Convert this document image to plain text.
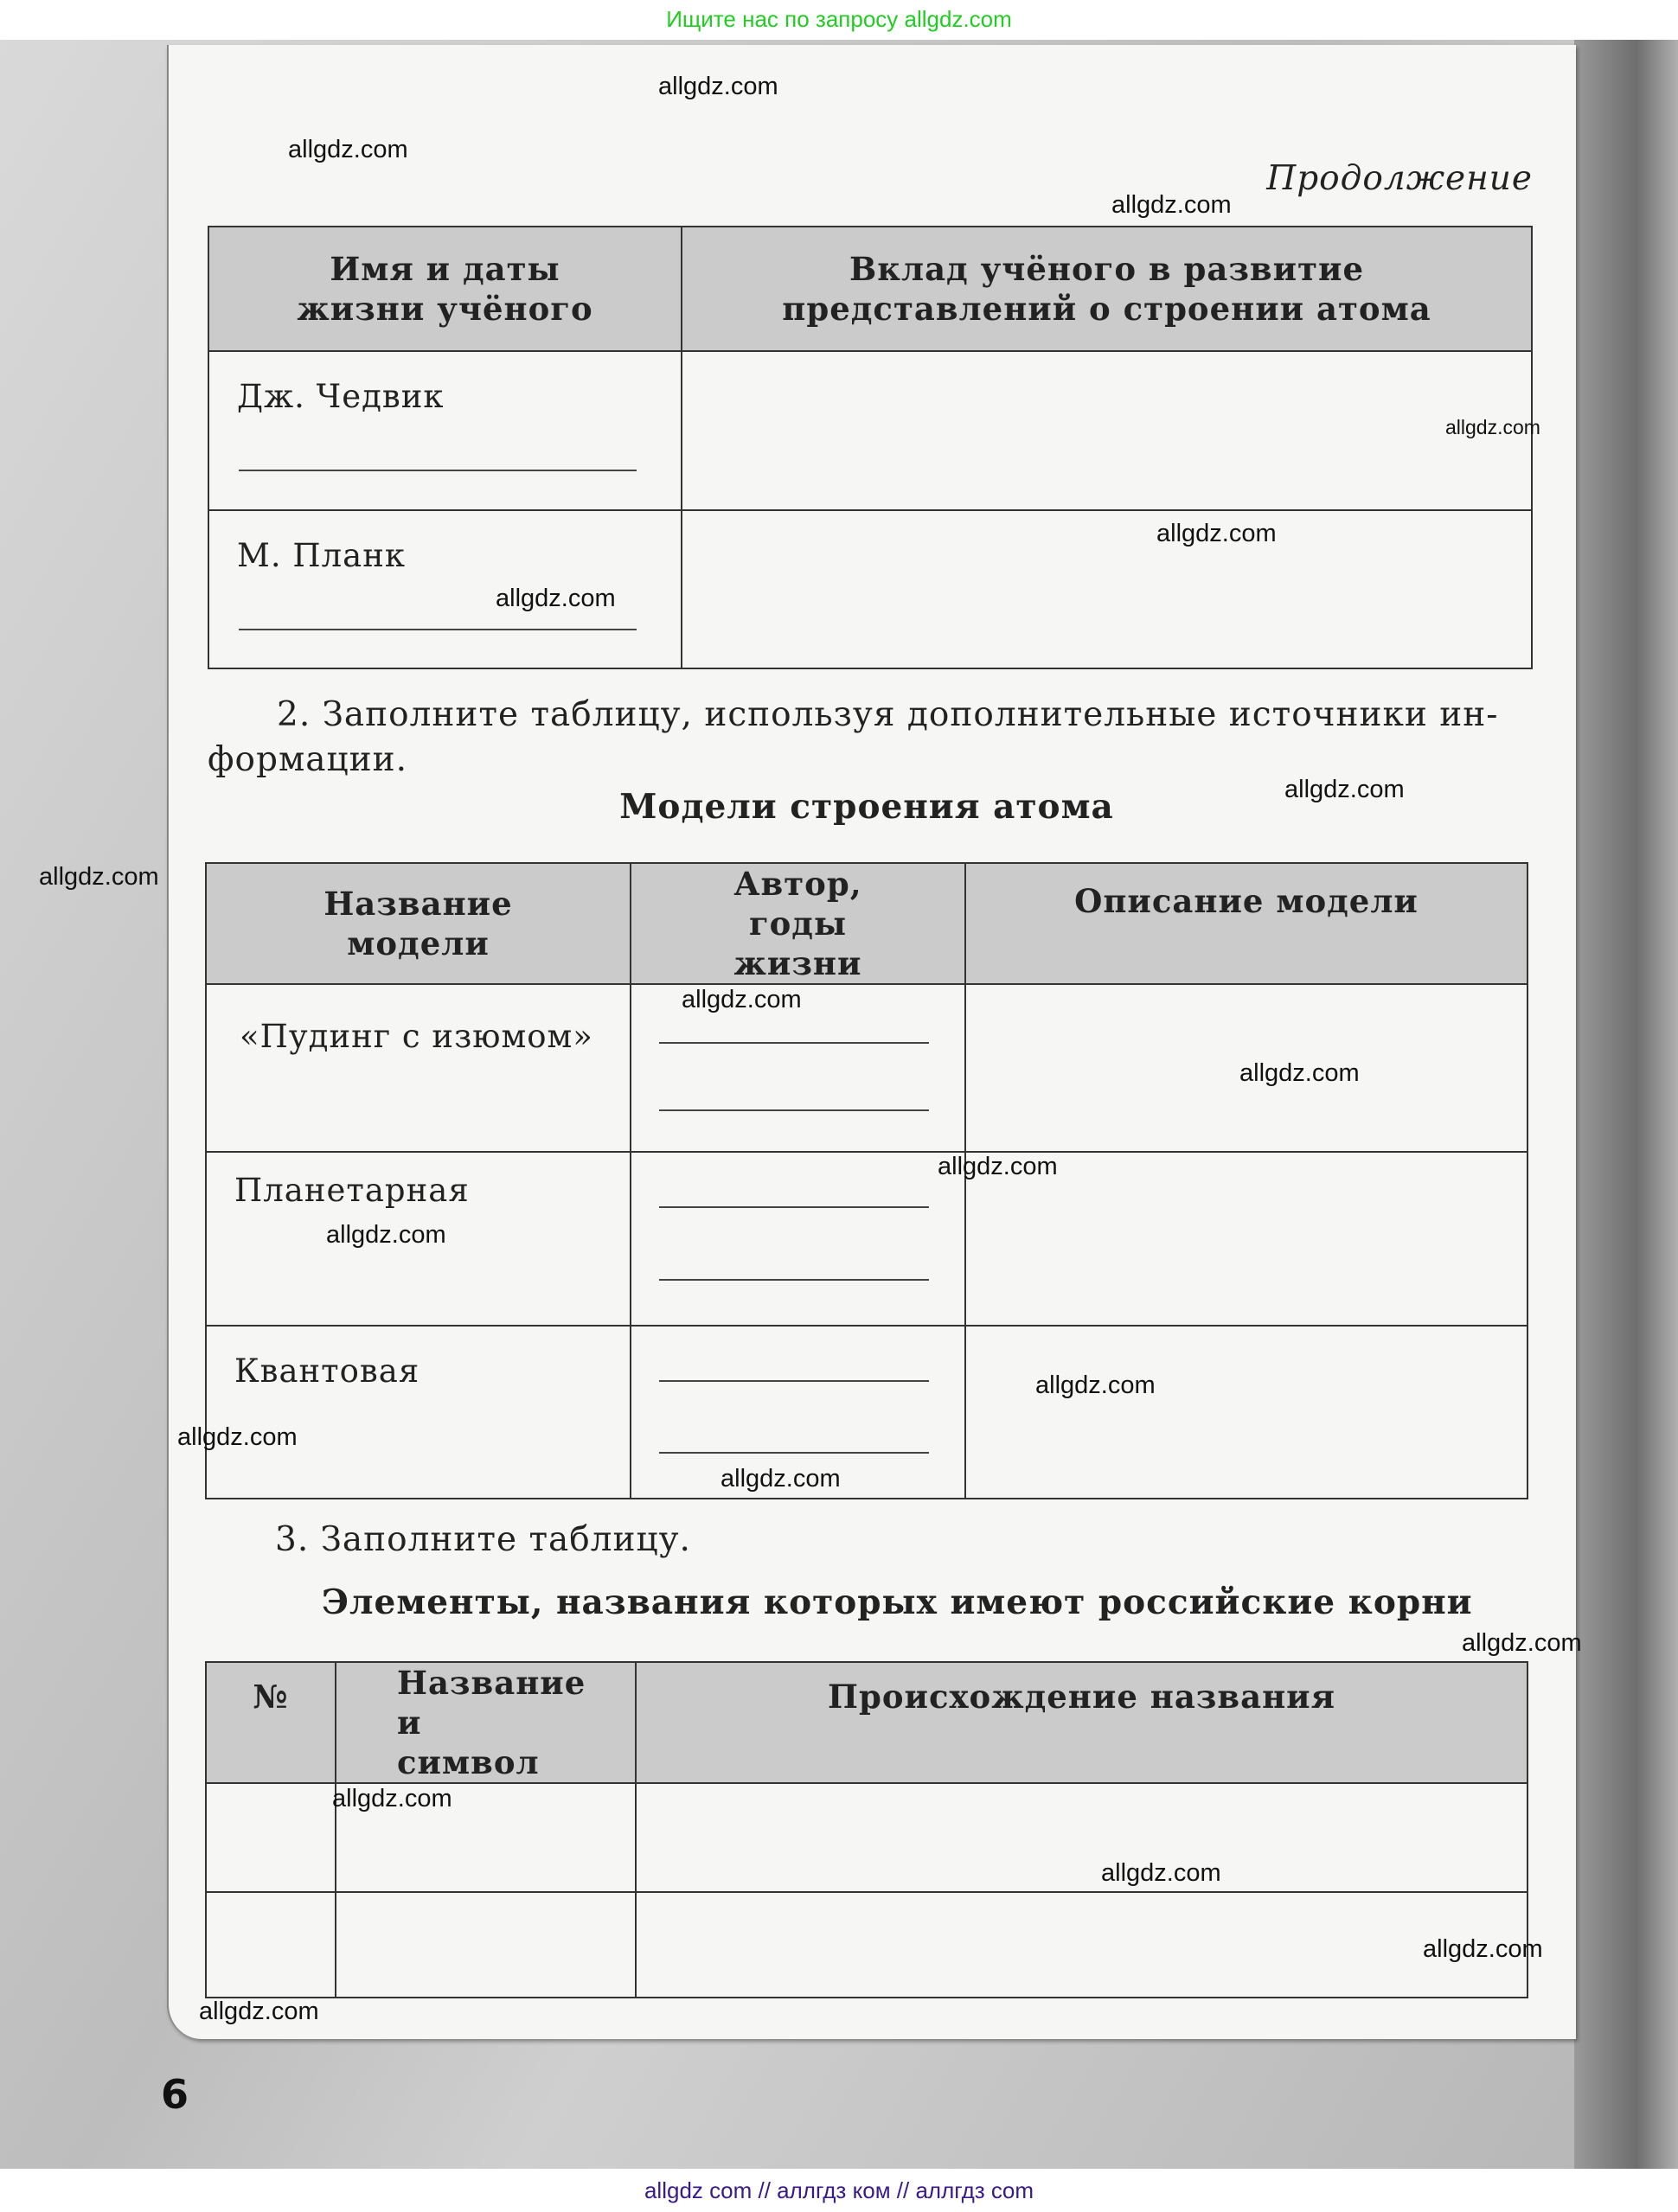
Ищите нас по запросу allgdz.com
Продолжение
Имя и даты жизни учёного	Вклад учёного в развитие представлений о строении атома

Дж. Чедвик	

М. Планк	

2. Заполните таблицу, используя дополнительные источники ин-
формации.
Модели строения атома
Название модели	Автор, годы жизни	Описание модели

«Пудинг с изюмом»		

Планетарная		

Квантовая		

3. Заполните таблицу.
Элементы, названия которых имеют российские корни
№	Название и символ	Происхождение названия

6
allgdz.com
allgdz.com
allgdz.com
allgdz.com
allgdz.com
allgdz.com
allgdz.com
allgdz.com
allgdz.com
allgdz.com
allgdz.com
allgdz.com
allgdz.com
allgdz.com
allgdz.com
allgdz.com
allgdz.com
allgdz.com
allgdz.com
allgdz.com
allgdz com // аллгдз ком // аллгдз com
